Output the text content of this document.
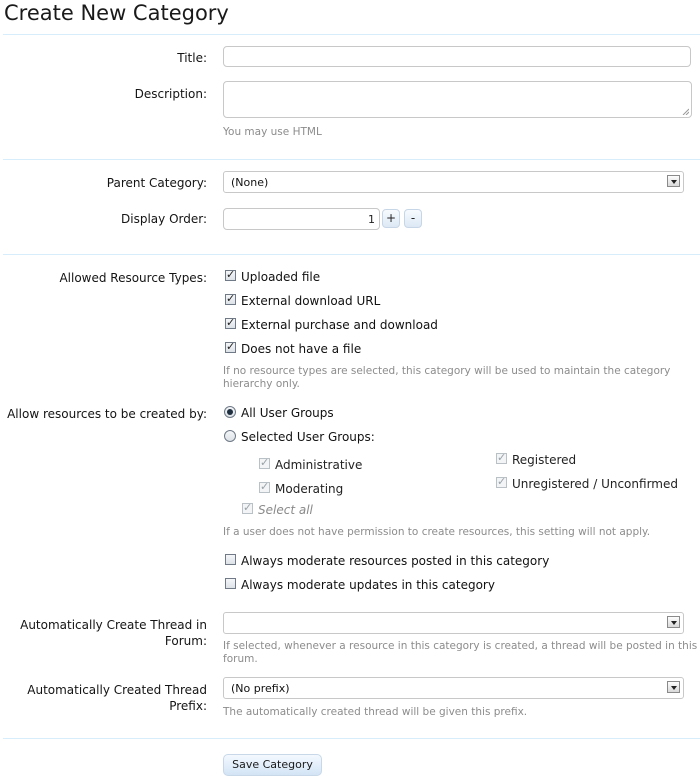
Create New Category
Title:
Description:
You may use HTML
Parent Category: (None)
Display Order:	1 +	-
Allowed Resource Types:
✓	Uploaded file
✓
External download URL
✓
External purchase and download
✓
Does not have a file
If no resource types are selected, this category will be used to maintain the category
hierarchy only.
Allow resources to be created by:	All User Groups
Selected User Groups:
✓
Administrative
✓
Moderating
✓
Registered
✓
Unregistered / Unconfirmed
✓
Select all
If a user does not have permission to create resources, this setting will not apply.
Always moderate resources posted in this category
Always moderate updates in this category
Automatically Create Thread in
Forum: If selected, whenever a resource in this category is created, a thread will be posted in this
forum.
Automatically Created Thread
Prefix:
(No prefix)
The automatically created thread will be given this prefix.
Save Category
